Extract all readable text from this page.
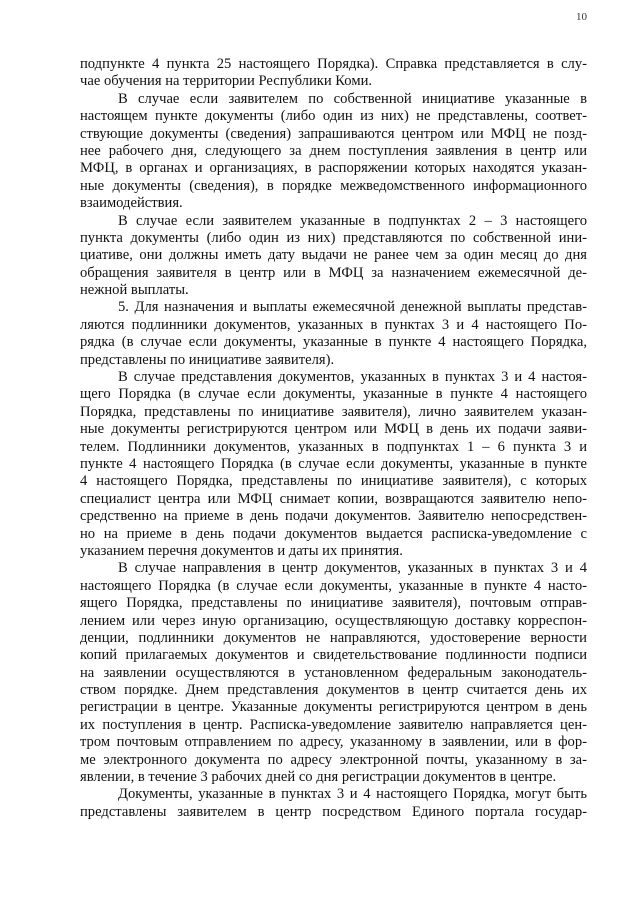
10
подпункте 4 пункта 25 настоящего Порядка). Справка представляется в слу-
чае обучения на территории Республики Коми.
В случае если заявителем по собственной инициативе указанные в
настоящем пункте документы (либо один из них) не представлены, соответ-
ствующие документы (сведения) запрашиваются центром или МФЦ не позд-
нее рабочего дня, следующего за днем поступления заявления в центр или
МФЦ, в органах и организациях, в распоряжении которых находятся указан-
ные документы (сведения), в порядке межведомственного информационного
взаимодействия.
В случае если заявителем указанные в подпунктах 2 – 3 настоящего
пункта документы (либо один из них) представляются по собственной ини-
циативе, они должны иметь дату выдачи не ранее чем за один месяц до дня
обращения заявителя в центр или в МФЦ за назначением ежемесячной де-
нежной выплаты.
5. Для назначения и выплаты ежемесячной денежной выплаты представ-
ляются подлинники документов, указанных в пунктах 3 и 4 настоящего По-
рядка (в случае если документы, указанные в пункте 4 настоящего Порядка,
представлены по инициативе заявителя).
В случае представления документов, указанных в пунктах 3 и 4 настоя-
щего Порядка (в случае если документы, указанные в пункте 4 настоящего
Порядка, представлены по инициативе заявителя), лично заявителем указан-
ные документы регистрируются центром или МФЦ в день их подачи заяви-
телем. Подлинники документов, указанных в подпунктах 1 – 6 пункта 3 и
пункте 4 настоящего Порядка (в случае если документы, указанные в пункте
4 настоящего Порядка, представлены по инициативе заявителя), с которых
специалист центра или МФЦ снимает копии, возвращаются заявителю непо-
средственно на приеме в день подачи документов. Заявителю непосредствен-
но на приеме в день подачи документов выдается расписка-уведомление с
указанием перечня документов и даты их принятия.
В случае направления в центр документов, указанных в пунктах 3 и 4
настоящего Порядка (в случае если документы, указанные в пункте 4 насто-
ящего Порядка, представлены по инициативе заявителя), почтовым отправ-
лением или через иную организацию, осуществляющую доставку корреспон-
денции, подлинники документов не направляются, удостоверение верности
копий прилагаемых документов и свидетельствование подлинности подписи
на заявлении осуществляются в установленном федеральным законодатель-
ством порядке. Днем представления документов в центр считается день их
регистрации в центре. Указанные документы регистрируются центром в день
их поступления в центр. Расписка-уведомление заявителю направляется цен-
тром почтовым отправлением по адресу, указанному в заявлении, или в фор-
ме электронного документа по адресу электронной почты, указанному в за-
явлении, в течение 3 рабочих дней со дня регистрации документов в центре.
Документы, указанные в пунктах 3 и 4 настоящего Порядка, могут быть
представлены заявителем в центр посредством Единого портала государ-
